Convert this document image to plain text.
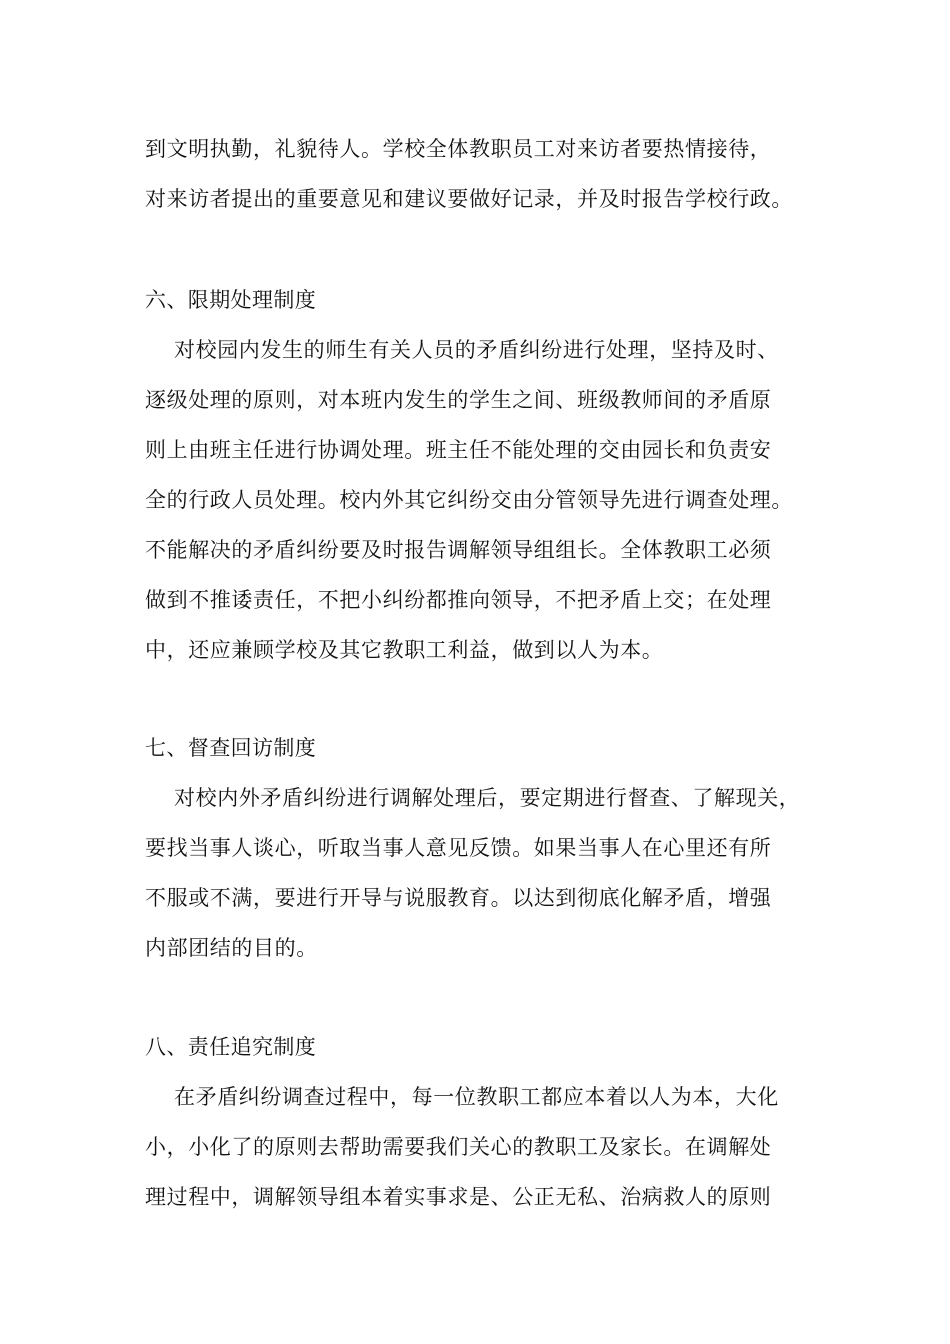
到文明执勤，礼貌待人。学校全体教职员工对来访者要热情接待，
对来访者提出的重要意见和建议要做好记录，并及时报告学校行政。
六、限期处理制度
对校园内发生的师生有关人员的矛盾纠纷进行处理，坚持及时、
逐级处理的原则，对本班内发生的学生之间、班级教师间的矛盾原
则上由班主任进行协调处理。班主任不能处理的交由园长和负责安
全的行政人员处理。校内外其它纠纷交由分管领导先进行调查处理。
不能解决的矛盾纠纷要及时报告调解领导组组长。全体教职工必须
做到不推诿责任，不把小纠纷都推向领导，不把矛盾上交；在处理
中，还应兼顾学校及其它教职工利益，做到以人为本。
七、督查回访制度
对校内外矛盾纠纷进行调解处理后，要定期进行督查、了解现关，
要找当事人谈心，听取当事人意见反馈。如果当事人在心里还有所
不服或不满，要进行开导与说服教育。以达到彻底化解矛盾，增强
内部团结的目的。
八、责任追究制度
在矛盾纠纷调查过程中，每一位教职工都应本着以人为本，大化
小，小化了的原则去帮助需要我们关心的教职工及家长。在调解处
理过程中，调解领导组本着实事求是、公正无私、治病救人的原则
